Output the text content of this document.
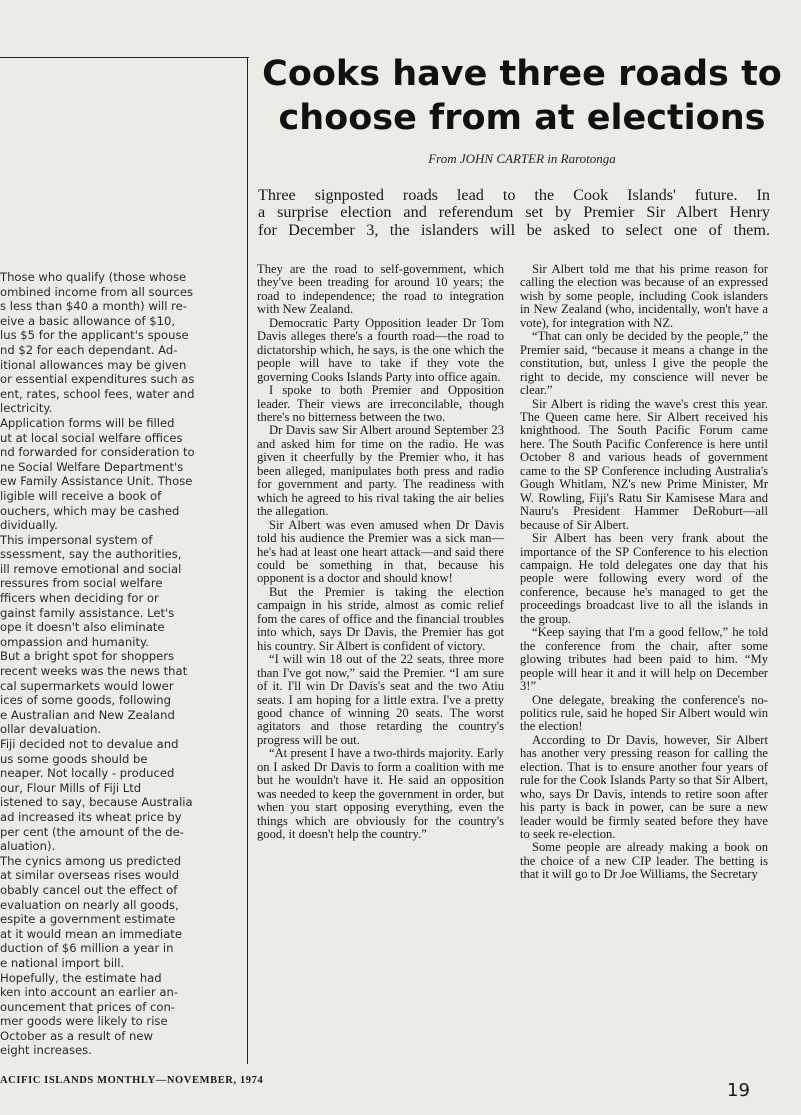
Those who qualify (those whose
ombined income from all sources
s less than $40 a month) will re-
eive a basic allowance of $10,
lus $5 for the applicant's spouse
nd $2 for each dependant. Ad-
itional allowances may be given
or essential expenditures such as
ent, rates, school fees, water and
lectricity.
Application forms will be filled
ut at local social welfare offices
nd forwarded for consideration to
ne Social Welfare Department's
ew Family Assistance Unit. Those
ligible will receive a book of
ouchers, which may be cashed
dividually.
This impersonal system of
ssessment, say the authorities,
ill remove emotional and social
ressures from social welfare
fficers when deciding for or
gainst family assistance. Let's
ope it doesn't also eliminate
ompassion and humanity.
But a bright spot for shoppers
recent weeks was the news that
cal supermarkets would lower
ices of some goods, following
e Australian and New Zealand
ollar devaluation.
Fiji decided not to devalue and
us some goods should be
neaper. Not locally - produced
our, Flour Mills of Fiji Ltd
istened to say, because Australia
ad increased its wheat price by
per cent (the amount of the de-
aluation).
The cynics among us predicted
at similar overseas rises would
obably cancel out the effect of
evaluation on nearly all goods,
espite a government estimate
at it would mean an immediate
duction of $6 million a year in
e national import bill.
Hopefully, the estimate had
ken into account an earlier an-
ouncement that prices of con-
mer goods were likely to rise
October as a result of new
eight increases.
Cooks have three roads to
choose from at elections
From JOHN CARTER in Rarotonga

Three signposted roads lead to the Cook Islands' future. In
a surprise election and referendum set by Premier Sir Albert Henry
for December 3, the islanders will be asked to select one of them.

They are the road to self-government, which they've been treading for around 10 years; the road to independence; the road to integration with New Zealand.

Democratic Party Opposition leader Dr Tom Davis alleges there's a fourth road—the road to dictatorship which, he says, is the one which the people will have to take if they vote the governing Cooks Islands Party into office again.

I spoke to both Premier and Opposition leader. Their views are irreconcilable, though there's no bitterness between the two.

Dr Davis saw Sir Albert around September 23 and asked him for time on the radio. He was given it cheerfully by the Premier who, it has been alleged, manipulates both press and radio for government and party. The readiness with which he agreed to his rival taking the air belies the allegation.

Sir Albert was even amused when Dr Davis told his audience the Premier was a sick man—he's had at least one heart attack—and said there could be something in that, because his opponent is a doctor and should know!

But the Premier is taking the election campaign in his stride, almost as comic relief fom the cares of office and the financial troubles into which, says Dr Davis, the Premier has got his country. Sir Albert is confident of victory.

“I will win 18 out of the 22 seats, three more than I've got now,” said the Premier. “I am sure of it. I'll win Dr Davis's seat and the two Atiu seats. I am hoping for a little extra. I've a pretty good chance of winning 20 seats. The worst agitators and those retarding the country's progress will be out.

“At present I have a two-thirds majority. Early on I asked Dr Davis to form a coalition with me but he wouldn't have it. He said an opposition was needed to keep the government in order, but when you start opposing everything, even the things which are obviously for the country's good, it doesn't help the country.”

Sir Albert told me that his prime reason for calling the election was because of an expressed wish by some people, including Cook islanders in New Zealand (who, incidentally, won't have a vote), for integration with NZ.

“That can only be decided by the people,” the Premier said, “because it means a change in the constitution, but, unless I give the people the right to decide, my conscience will never be clear.”

Sir Albert is riding the wave's crest this year. The Queen came here. Sir Albert received his knighthood. The South Pacific Forum came here. The South Pacific Conference is here until October 8 and various heads of government came to the SP Conference including Australia's Gough Whitlam, NZ's new Prime Minister, Mr W. Rowling, Fiji's Ratu Sir Kamisese Mara and Nauru's President Hammer DeRoburt—all because of Sir Albert.

Sir Albert has been very frank about the importance of the SP Conference to his election campaign. He told delegates one day that his people were following every word of the conference, because he's managed to get the proceedings broadcast live to all the islands in the group.

“Keep saying that I'm a good fellow,” he told the conference from the chair, after some glowing tributes had been paid to him. “My people will hear it and it will help on December 3!”

One delegate, breaking the conference's no-politics rule, said he hoped Sir Albert would win the election!

According to Dr Davis, however, Sir Albert has another very pressing reason for calling the election. That is to ensure another four years of rule for the Cook Islands Party so that Sir Albert, who, says Dr Davis, intends to retire soon after his party is back in power, can be sure a new leader would be firmly seated before they have to seek re-election.

Some people are already making a book on the choice of a new CIP leader. The betting is that it will go to Dr Joe Williams, the Secretary

ACIFIC ISLANDS MONTHLY—NOVEMBER, 1974	19
